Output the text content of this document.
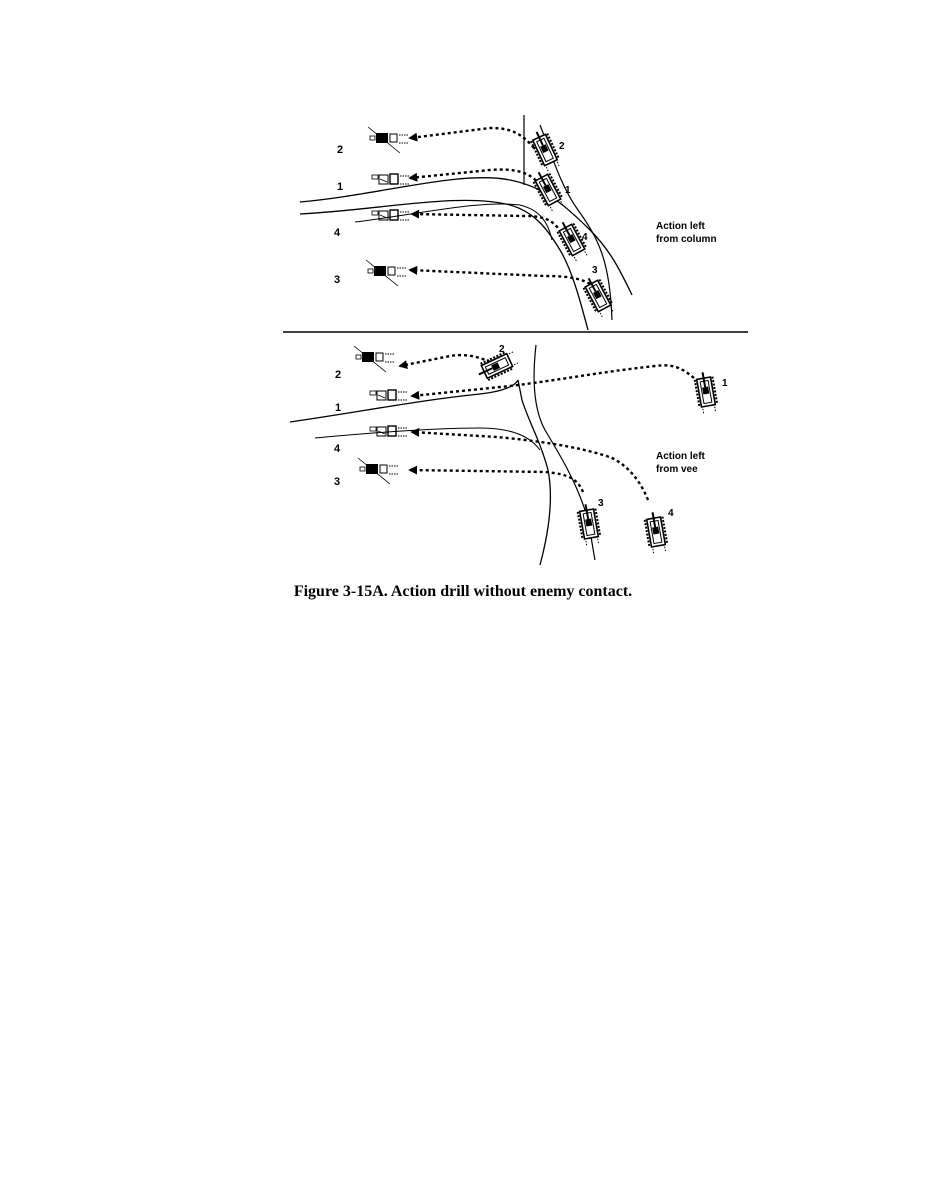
2
1
4
3
2
1
4
3
Action left
from column
2
1
4
3
2
1
3
4
Action left
from vee
Figure 3-15A. Action drill without enemy contact.
